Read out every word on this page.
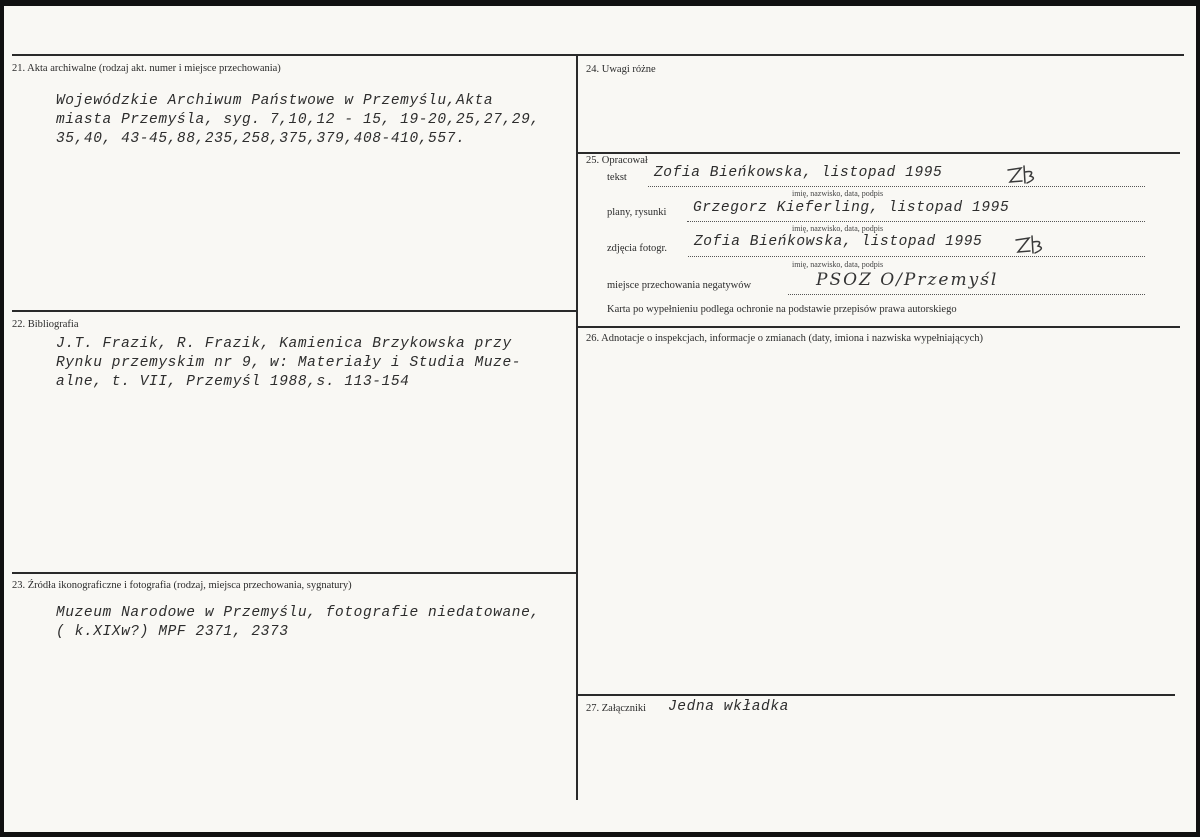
21. Akta archiwalne (rodzaj akt. numer i miejsce przechowania)
Wojewódzkie Archiwum Państwowe w Przemyślu,Akta
miasta Przemyśla, syg. 7,10,12 - 15, 19-20,25,27,29,
35,40, 43-45,88,235,258,375,379,408-410,557.
22. Bibliografia
J.T. Frazik, R. Frazik, Kamienica Brzykowska przy
Rynku przemyskim nr 9, w: Materiały i Studia Muze-
alne, t. VII, Przemyśl 1988,s. 113-154
23. Źródła ikonograficzne i fotografia (rodzaj, miejsca przechowania, sygnatury)
Muzeum Narodowe w Przemyślu, fotografie niedatowane,
( k.XIXw?) MPF 2371, 2373
24. Uwagi różne
25. Opracował
tekst Zofia Bieńkowska, listopad 1995
imię, nazwisko, data, podpis
plany, rysunki Grzegorz Kieferling, listopad 1995
imię, nazwisko, data, podpis
zdjęcia fotogr. Zofia Bieńkowska, listopad 1995
imię, nazwisko, data, podpis
miejsce przechowania negatywów	PSOZ O/Przemyśl
Karta po wypełnieniu podlega ochronie na podstawie przepisów prawa autorskiego
26. Adnotacje o inspekcjach, informacje o zmianach (daty, imiona i nazwiska wypełniających)
27. Załączniki Jedna wkładka
